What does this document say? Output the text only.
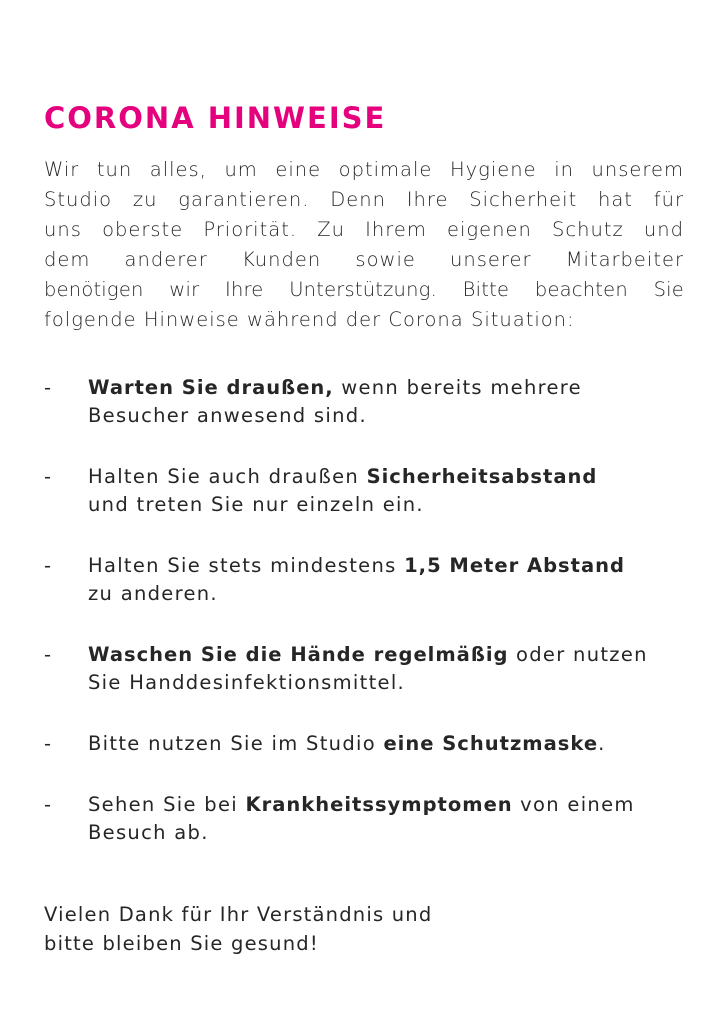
CORONA HINWEISE
Wir tun alles, um eine optimale Hygiene in unserem
Studio zu garantieren. Denn Ihre Sicherheit hat für
uns oberste Priorität. Zu Ihrem eigenen Schutz und
dem anderer Kunden sowie unserer Mitarbeiter
benötigen wir Ihre Unterstützung. Bitte beachten Sie
folgende Hinweise während der Corona Situation:
-	Warten Sie draußen, wenn bereits mehrere
Besucher anwesend sind.
-	Halten Sie auch draußen Sicherheitsabstand
und treten Sie nur einzeln ein.
-	Halten Sie stets mindestens 1,5 Meter Abstand
zu anderen.
-	Waschen Sie die Hände regelmäßig oder nutzen
Sie Handdesinfektionsmittel.
-	Bitte nutzen Sie im Studio eine Schutzmaske.
-	Sehen Sie bei Krankheitssymptomen von einem
Besuch ab.
Vielen Dank für Ihr Verständnis und
bitte bleiben Sie gesund!
